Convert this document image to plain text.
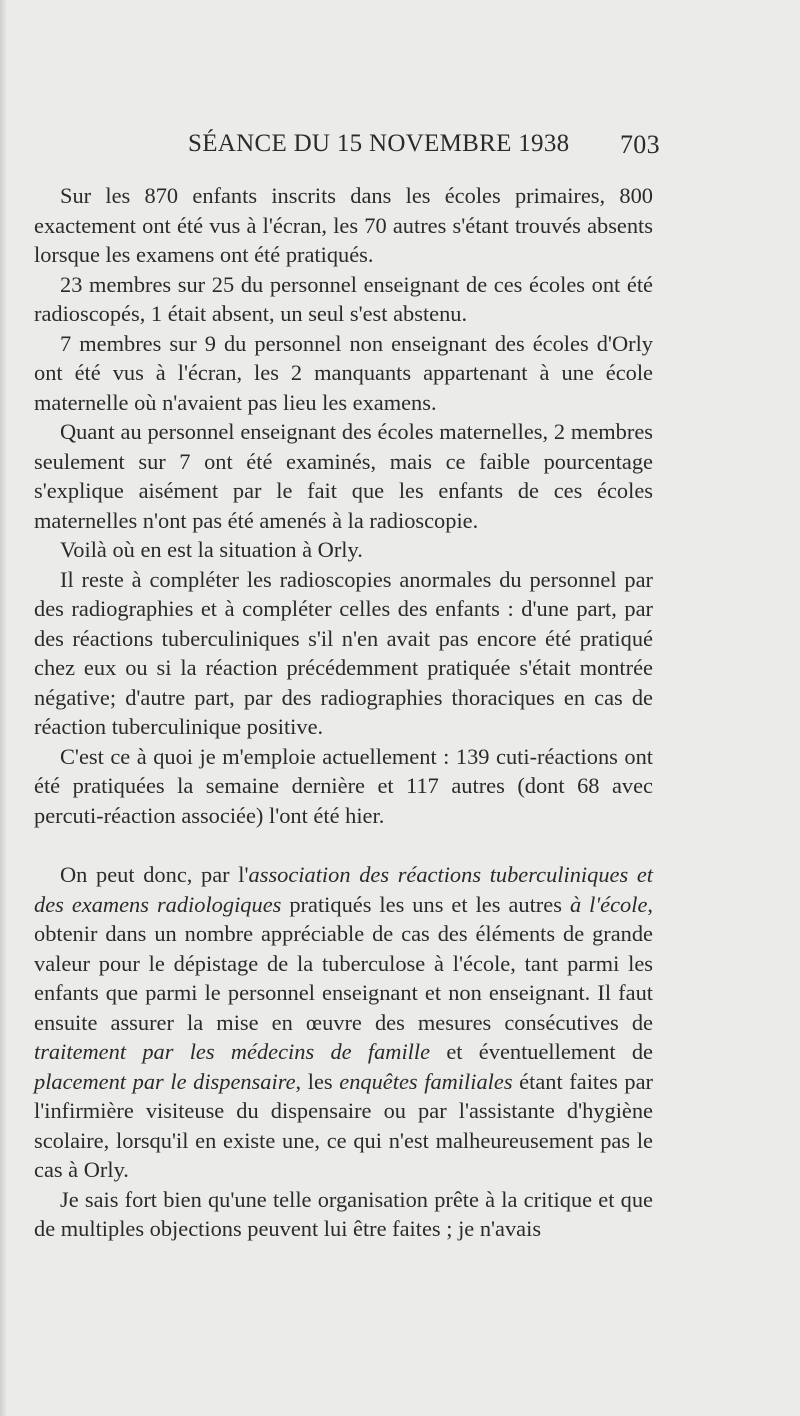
SÉANCE DU 15 NOVEMBRE 1938 703

Sur les 870 enfants inscrits dans les écoles primaires, 800 exactement ont été vus à l'écran, les 70 autres s'étant trouvés absents lorsque les examens ont été pratiqués.

23 membres sur 25 du personnel enseignant de ces écoles ont été radioscopés, 1 était absent, un seul s'est abstenu.

7 membres sur 9 du personnel non enseignant des écoles d'Orly ont été vus à l'écran, les 2 manquants appartenant à une école maternelle où n'avaient pas lieu les examens.

Quant au personnel enseignant des écoles maternelles, 2 membres seulement sur 7 ont été examinés, mais ce faible pourcentage s'explique aisément par le fait que les enfants de ces écoles maternelles n'ont pas été amenés à la radioscopie.

Voilà où en est la situation à Orly.

Il reste à compléter les radioscopies anormales du personnel par des radiographies et à compléter celles des enfants : d'une part, par des réactions tuberculiniques s'il n'en avait pas encore été pratiqué chez eux ou si la réaction précédemment pratiquée s'était montrée négative; d'autre part, par des radiographies thoraciques en cas de réaction tuberculinique positive.

C'est ce à quoi je m'emploie actuellement : 139 cuti-réactions ont été pratiquées la semaine dernière et 117 autres (dont 68 avec percuti-réaction associée) l'ont été hier.

On peut donc, par l'association des réactions tuberculiniques et des examens radiologiques pratiqués les uns et les autres à l'école, obtenir dans un nombre appréciable de cas des éléments de grande valeur pour le dépistage de la tuberculose à l'école, tant parmi les enfants que parmi le personnel enseignant et non enseignant. Il faut ensuite assurer la mise en œuvre des mesures consécutives de traitement par les médecins de famille et éventuellement de placement par le dispensaire, les enquêtes familiales étant faites par l'infirmière visiteuse du dispensaire ou par l'assistante d'hygiène scolaire, lorsqu'il en existe une, ce qui n'est malheureusement pas le cas à Orly.

Je sais fort bien qu'une telle organisation prête à la critique et que de multiples objections peuvent lui être faites ; je n'avais
